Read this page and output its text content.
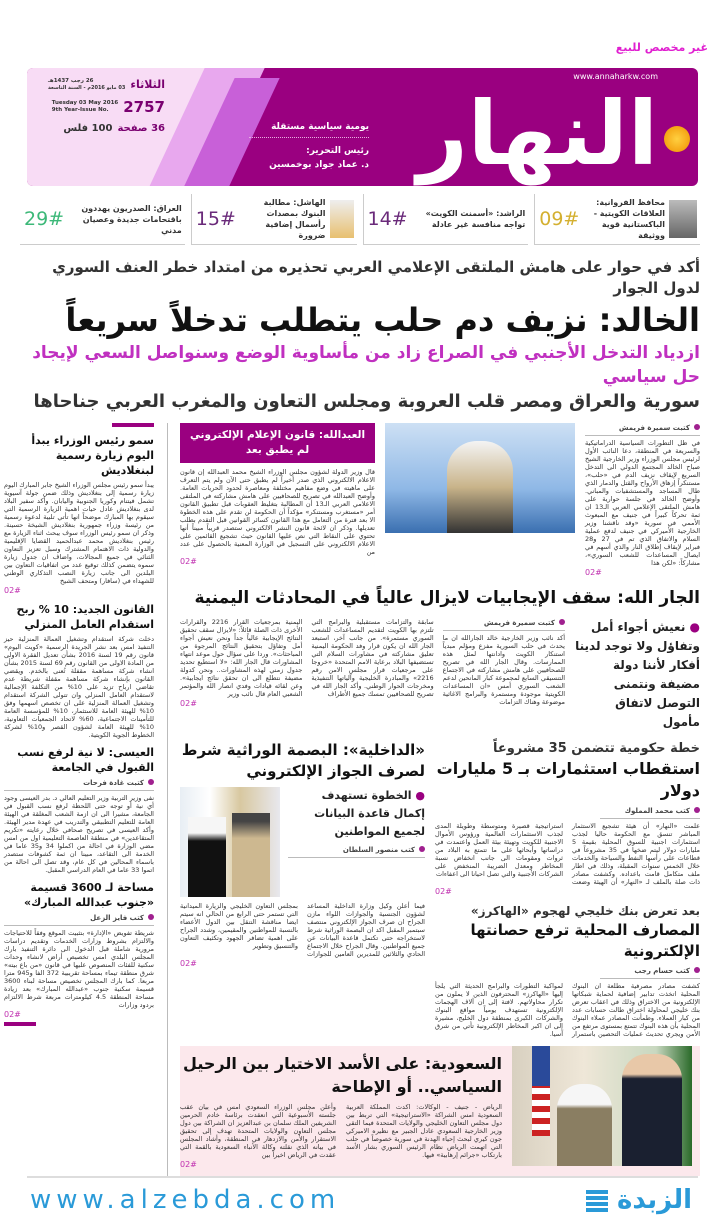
غير مخصص للبيع
www.annaharkw.com
النهار
يومية سياسية مستقلة
رئيس التحرير:
د. عماد جواد بوخمسين
الثلاثاء
26 رجب 1437هـ
03 مايو 2016م - السنة التاسعة
2757
Tuesday 03 May 2016
9th Year-Issue No.
36 صفحة
100 فلس
محافظ الفروانية: العلاقات الكويتية -
الباكستانية قوية ووثيقة
09#
الراشد: «أسمنت الكويت»
تواجه منافسة غير عادلة
14#
الهاشل: مطالبة البنوك بمصدات
رأسمال إضافية ضرورة
15#
العراق: الصدريون يهددون
باقتحامات جديدة وعصيان مدني
29#
أكد في حوار على هامش الملتقى الإعلامي العربي تحذيره من امتداد خطر العنف السوري لدول الجوار
الخالد: نزيف دم حلب يتطلب تدخلاً سريعاً
ازدياد التدخل الأجنبي في الصراع زاد من مأساوية الوضع وسنواصل السعي لإيجاد حل سياسي
سورية والعراق ومصر قلب العروبة ومجلس التعاون والمغرب العربي جناحاها
كتبت سميرة فريمش
في ظل التطورات السياسية الدراماتيكية والسريعة في المنطقة، دعا النائب الأول لرئيس مجلس الوزراء وزير الخارجية الشيخ صباح الخالد المجتمع الدولي الى التدخل السريع لإيقاف نزيف الدم في «حلب»، مستنكراً إزهاق الأرواح والقتل والدمار الذي طال المساجد والمستشفيات والمباني. وأوضح الخالد في جلسة حوارية على هامش الملتقى الإعلامي العربي الـ13 ان ثمة تحركاً كبيراً في جنيف مع المبعوث الأممي في سورية «وقد ناقشنا وزير الخارجية الأميركي في جنيف لدفع عملية السلام والاتفاق الذي تم في 27 و28 فبراير لإيقاف إطلاق النار والذي أسهم في ايصال المساعدات للشعب السوري»، مشاركاً: «لكن هذا
02#
العبدالله: قانون الإعلام الإلكتروني لم يطبق بعد
قال وزير الدولة لشؤون مجلس الوزراء الشيخ محمد العبدالله إن قانون الاعلام الالكتروني الذي صدر أخيراً لم يطبق حتى الآن ولم يتم التعرف على ماهيته في وضع مفاهيم مختلفة ومعاصرة لحدود الحريات العامة. وأوضح العبدالله في تصريح للصحافيين على هامش مشاركته في الملتقى الاعلامي العربي الـ13 أن المطالبة بتغليظ العقوبات قبل تطبيق القانون أمر «مستغرب ومستنكر» مؤكداً أن الحكومة لن تقدم على هذه الخطوة الا بعد فترة من التعامل مع هذا القانون كسائر القوانين قبل التقدم بطلب تعديلها. وذكر ان لائحة قانون النشر الالكتروني ستصدر قريباً مبيناً أنها تحتوي على النقاط التي نص عليها القانون حيث تشجيع القائمين على الاعلام الالكتروني على التسجيل في الوزارة المعنية بالحصول على عدد من
02#
الجار الله: سقف الإيجابيات لايزال عالياً في المحادثات اليمنية
● نعيش أجواء أمل وتفاؤل ولا توجد لدينا أفكار لأننا دولة مضيفة ونتمنى التوصل لاتفاق مأمول
كتبت سميرة فريمش
أكد نائب وزير الخارجية خالد الجارالله ان ما يحدث في حلب السورية مفزع ومؤلم مبدياً استنكار الكويت وادانتها لمثل هذه الممارسات. وقال الجار الله في تصريح للصحافيين على هامش مشاركته في الاجتماع التنسيقي السابع لمجموعة كبار المانحين لدعم الشعب السوري أمس «ان المساعدات الكويتية موجودة ومستمرة والبرامج الاغاثية موضوعة وهناك التزامات
سابقة والتزامات مستقبلية والبرامج التي تلتزم بها الكويت لتقديم المساعدات للشعب السوري مستمرة». من جانب آخر، استبعد الجار الله ان يكون قرار وفد الحكومة اليمنية تعليق مشاركته في مشاورات السلام التي تستضيفها البلاد برعاية الامم المتحدة «خروجا على مرجعيات قرار مجلس الامن رقم 2216» والمبادرة الخليجية وآلياتها التنفيذية ومخرجات الحوار الوطني. وأكد الجار الله في تصريح للصحافيين تمسك جميع الأطراف
اليمنية بمرجعيات القرار 2216 والقرارات الأخرى ذات الصلة قائلاً: «لايزال سقف تحقيق النتائج الإيجابية عالياً جداً ونحن نعيش أجواء أمل وتفاؤل بتحقيق النتائج المرجوة من المباحثات». وردا على سؤال حول موعد انتهاء المشاورات قال الجار الله: «لا استطيع تحديد جدول زمني لهذه المشاورات.. ونحن كدولة مضيفة نتطلع الى ان تحقق نتائج ايجابية». وعن لقائه قيادات وفدي انصار الله والمؤتمر الشعبي العام قال نائب وزير
02#
خطة حكومية تتضمن 35 مشروعاً
استقطاب استثمارات بـ 5 مليارات دولار
كتب محمد المملوك
علمت «النهار» أن هيئة تشجيع الاستثمار المباشر تنسق مع الحكومة حاليا لجذب استثمارات اجنبية للسوق المحلية بقيمة 5 مليارات دولار ليتم ضخها في 35 مشروعاً في قطاعات على رأسها النفط والسياحة والخدمات خلال الخمس سنوات المقبلة، وذلك في اطار ملف متكامل قامت باعداده. وكشفت مصادر ذات صلة بالملف لـ «النهار» أن الهيئة وضعت استراتيجية قصيرة ومتوسطة وطويلة المدى لجذب الاستثمارات العالمية ورؤوس الأموال الاجنبية للكويت وتهيئة بيئة العمل واعتمدت في دراساتها وأبحاثها على ما تتمتع به البلاد من ثروات ومقومات الى جانب انخفاض نسبة المخاطر ومعدل الضريبة المنخفض على الشركات الأجنبية والتي تصل احيانا الى اعفاءات
02#
بعد تعرض بنك خليجي لهجوم «الهاكرز»
المصارف المحلية ترفع حصانتها الإلكترونية
كتب حسام رجب
كشفت مصادر مصرفية مطلعة ان البنوك المحلية اتخذت تدابير إضافية لحماية شبكاتها الإلكترونية من الاختراق وذلك في اعقاب تعرض بنك خليجي لمحاولة اختراق طالت حسابات عدد من كبار العملاء. وطمأنت المصادر عملاء البنوك المحلية بأن هذه البنوك تتمتع بمستوى مرتفع من الأمن ويجري تحديث عمليات التحصين باستمرار لمواكبة التطورات والبرامج الحديثة التي يلجأ إليها «الهاكرز» المحترفون الذين لا يملون من تكرار محاولاتهم. لافتة إلى ان آلاف الهجمات الإلكترونية تستهدف يومياً مواقع البنوك والشركات الكبرى بمنطقة دول الخليج، مشيرة إلى ان اكبر المخاطر الإلكترونية تأتي من شرق آسيا.
«الداخلية»: البصمة الوراثية شرط لصرف الجواز الإلكتروني
● الخطوة تستهدف إكمال قاعدة البيانات لجميع المواطنين
كتب منصور السلطان
فيما أعلن وكيل وزارة الداخلية المساعد لشؤون الجنسية والجوازات اللواء مازن الجراح ان صرف الجواز الإلكتروني منتصف سبتمبر المقبل اكد ان البصمة الوراثية شرط لاستخراجه حتى تكتمل قاعدة البيانات عن جميع المواطنين. وقال الجراح خلال الاجتماع الحادي والثلاثين للمديرين العامين للجوازات بمجلس التعاون الخليجي والزيارة الميدانية التي تستمر حتى الرابع من الحالي انه سيتم ايضا مناقشة التنقل بين الدول الأعضاء بالنسبة للمواطنين والمقيمين، وشدد الجراح على اهمية تضافر الجهود وتكثيف التعاون والتنسيق وتطوير
02#
السعودية: على الأسد الاختيار بين الرحيل السياسي.. أو الإطاحة
الرياض - جنيف - الوكالات: اكدت المملكة العربية السعودية امس الشراكة «الاستراتيجية» التي تربط بين دول مجلس التعاون الخليجي والولايات المتحدة فيما التقى وزير الخارجية السعودي عادل الجبير مع نظيره الاميركي جون كيري لبحث إحياء الهدنة في سورية خصوصاً في حلب التي اتهمت الرياض نظام الرئيس السوري بشار الأسد بارتكاب «جرائم إرهابية» فيها.
وأعلن مجلس الوزراء السعودي امس في بيان عقب جلسته الأسبوعية التي انعقدت برئاسة خادم الحرمين الشريفين الملك سلمان بن عبدالعزيز ان الشراكة بين دول مجلس التعاون والولايات المتحدة تهدف إلى تحقيق الاستقرار والأمن والازدهار في المنطقة، وأشاد المجلس في بيانه الذي نقلته وكالة الأنباء السعودية بالقمة التي عقدت في الرياض اخيراً بين
02#
سمو رئيس الوزراء يبدأ اليوم زيارة رسمية لبنغلاديش
يبدأ سمو رئيس مجلس الوزراء الشيخ جابر المبارك اليوم زيارة رسمية إلى بنغلاديش وذلك ضمن جولة آسيوية تشمل فيتنام وكوريا الجنوبية واليابان. وأكد سفير البلاد لدى بنغلاديش عادل حيات اهمية الزيارة الرسمية التي سيقوم بها المبارك موضحاً انها تأتي تلبية لدعوة رسمية من رئيسة وزراء جمهورية بنغلاديش الشيخة حسينة. وذكر ان سمو رئيس الوزراء سوف يبحث اثناء الزيارة مع رئيس بنغلاديش محمد عبدالحميد القضايا الإقليمية والدولية ذات الاهتمام المشترك وسبل تعزيز التعاون الثنائي في جميع المجالات، واضاف ان جدول زيارة سموه يتضمن كذلك توقيع عدد من اتفاقيات التعاون بين البلدين الى جانب زيارة النصب التذكاري الوطني للشهداء في (سافار) ومتحف الشيخ
02#
القانون الجديد: 10 % ربح استقدام العامل المنزلي
دخلت شركة استقدام وتشغيل العمالة المنزلية حيز التنفيذ امس بعد نشر الجريدة الرسمية «كويت اليوم» قانون رقم 19 لسنة 2016 بشأن تعديل الفقرة الاولى من المادة الاولى من القانون رقم 69 لسنة 2015 بشأن انشاء شركة مساهمة مقفلة تُعنى بالخدم. ويقضي القانون بإنشاء شركة مساهمة مقفلة شريطة عدم تقاضي ارباح تزيد على 10% من التكلفة الإجمالية لاستقدام العامل المنزلي وان تتولى الشركة استقدام وتشغيل العمالة المنزلية على ان تخصص اسهمها وفق 10% للهيئة العامة للاستثمار، 10% للمؤسسة العامة للتأمينات الاجتماعية، 60% لاتحاد الجمعيات التعاونية، 10% للهيئة العامة لشؤون القصر و10% لشركة الخطوط الجوية الكويتية.
العيسى: لا نية لرفع نسب القبول في الجامعة
كتبت غادة فرحات
نفى وزير التربية وزير التعليم العالي د. بدر العيسى وجود أي نية أو توجه حتى اللحظة لرفع نسب القبول في الجامعة، مشيرا الى ان ازمة الشعب المغلقة في الهيئة العامة للتعليم التطبيقي والتدريب في عهدة مدير الهيئة. وأكد العيسى في تصريح صحافي خلال رعايته «تكريم المتقاعدين» في منطقة العاصمة التعليمية اول من امس مضي الوزارة في احالة من اكملوا 34 و35 عاما في الخدمة الى التقاعد، مبينا ان ثمة كشوفات ستصدر باسماء المحالين في كل عام، وقد تصل الى احالة من اتموا 33 عاما في العام الدراسي المقبل.
مساحة لـ 3600 قسيمة «جنوب عبدالله المبارك»
كتب فايز الزعل
شريطة تفويض «الإدارة» بتثبيت الموقع وفقاً للاحتياجات والالتزام بشروط وزارات الخدمات وتقديم دراسات مرورية شاملة قبل الدخول الى دائرة التنفيذ بارك المجلس البلدي امس تخصيص أراض لانشاء وحدات سكنية للفئات المنصوص عليها في قانون «من باع بيته» شرق منطقة تيماء بمساحة تقريبية 372 الفا و945 مترا مربعا. كما بارك المجلس تخصيص مساحة لبناء 3600 قسيمة سكنية جنوب «عبدالله المبارك» بعد زيادة مساحة المنطقة 4.5 كيلومترات مربعة شرط الالتزام بردود وزارات
02#
www.alzebda.com	الزبدة
